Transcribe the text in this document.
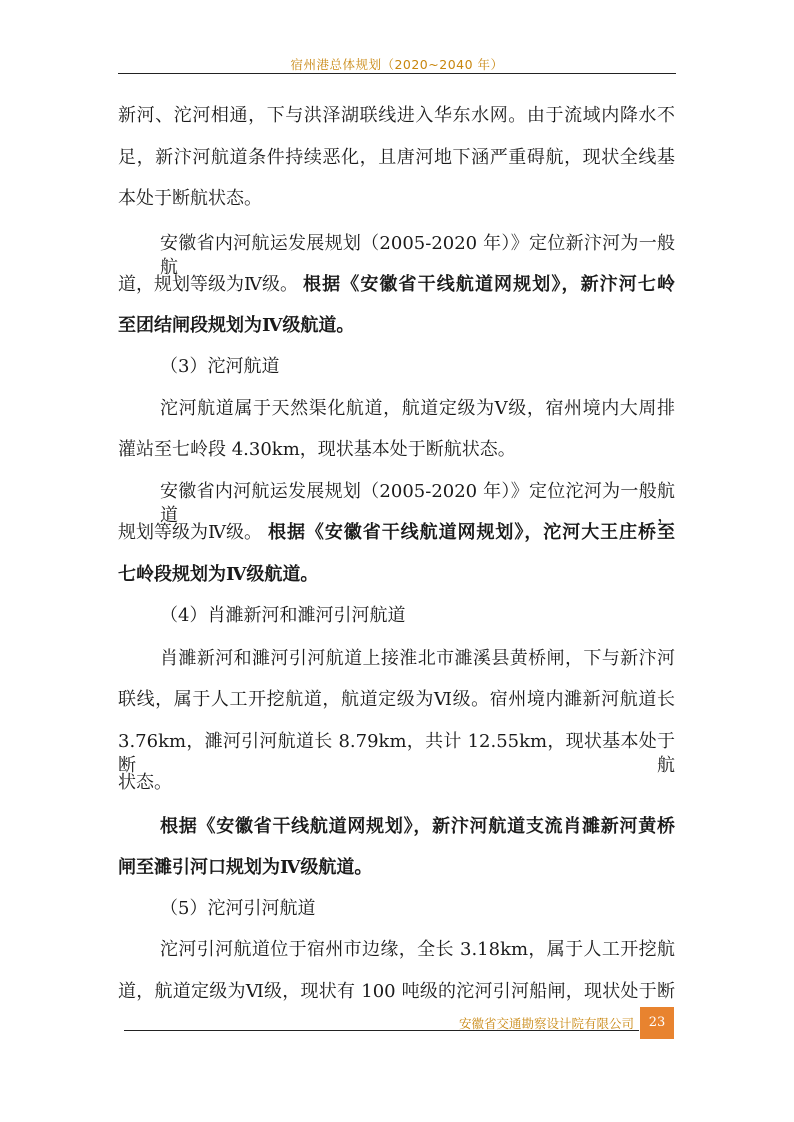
宿州港总体规划（2020~2040 年）
新河、沱河相通，下与洪泽湖联线进入华东水网。由于流域内降水不
足，新汴河航道条件持续恶化，且唐河地下涵严重碍航，现状全线基
本处于断航状态。
安徽省内河航运发展规划（2005-2020 年）》定位新汴河为一般航
道，规划等级为Ⅳ级。 根据《安徽省干线航道网规划》，新汴河七岭
至团结闸段规划为Ⅳ级航道。
（3）沱河航道
沱河航道属于天然渠化航道，航道定级为Ⅴ级，宿州境内大周排
灌站至七岭段 4.30km，现状基本处于断航状态。
安徽省内河航运发展规划（2005-2020 年）》定位沱河为一般航道，
规划等级为Ⅳ级。 根据《安徽省干线航道网规划》，沱河大王庄桥至
七岭段规划为Ⅳ级航道。
（4）肖濉新河和濉河引河航道
肖濉新河和濉河引河航道上接淮北市濉溪县黄桥闸，下与新汴河
联线，属于人工开挖航道，航道定级为Ⅵ级。宿州境内濉新河航道长
3.76km，濉河引河航道长 8.79km，共计 12.55km，现状基本处于断航
状态。
根据《安徽省干线航道网规划》，新汴河航道支流肖濉新河黄桥
闸至濉引河口规划为Ⅳ级航道。
（5）沱河引河航道
沱河引河航道位于宿州市边缘，全长 3.18km，属于人工开挖航
道，航道定级为Ⅵ级，现状有 100 吨级的沱河引河船闸，现状处于断
安徽省交通勘察设计院有限公司	23
